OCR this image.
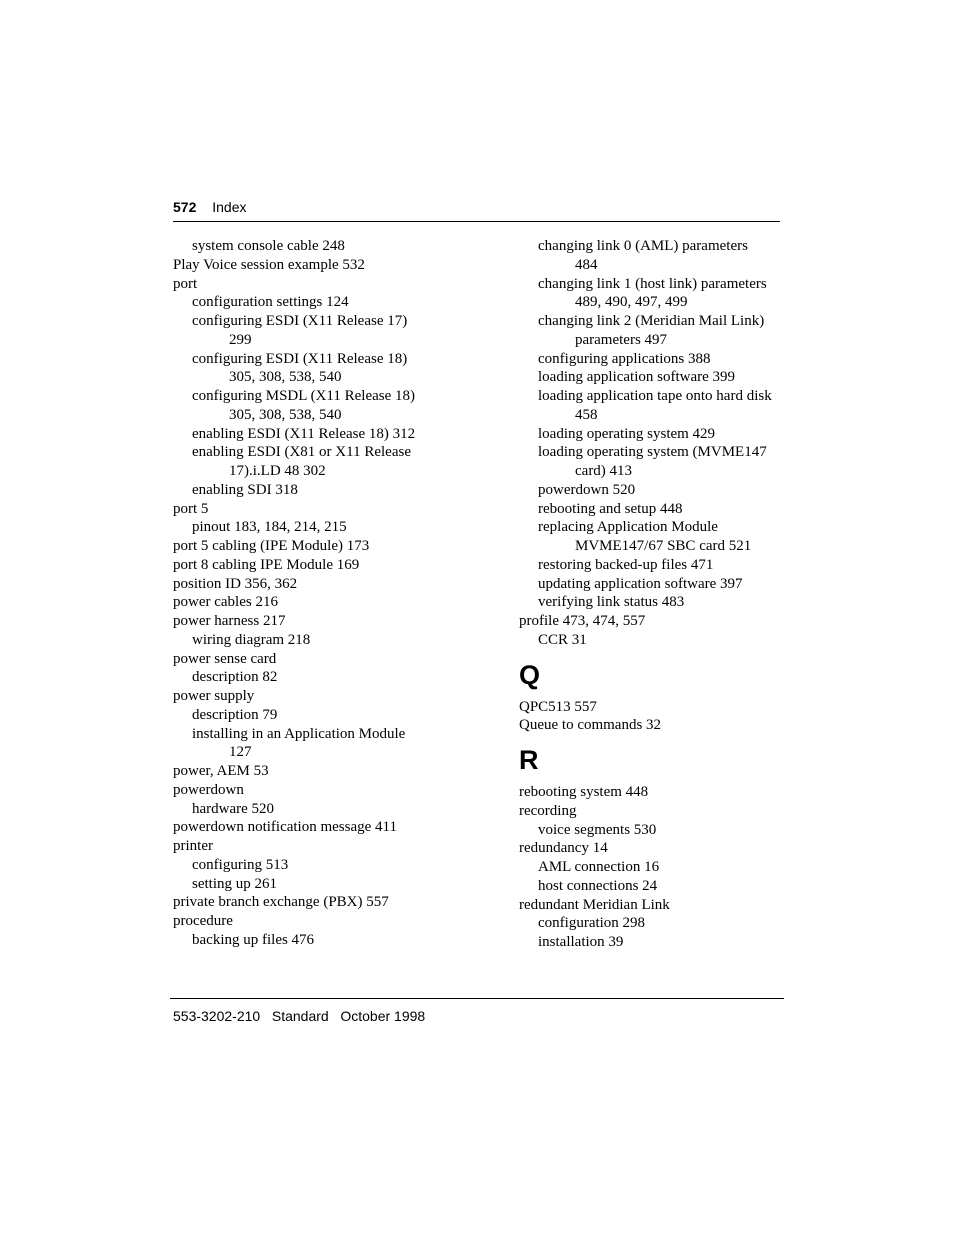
572 Index
system console cable 248
Play Voice session example 532
port
configuration settings 124
configuring ESDI (X11 Release 17)
299
configuring ESDI (X11 Release 18)
305, 308, 538, 540
configuring MSDL (X11 Release 18)
305, 308, 538, 540
enabling ESDI (X11 Release 18) 312
enabling ESDI (X81 or X11 Release
17).i.LD 48 302
enabling SDI 318
port 5
pinout 183, 184, 214, 215
port 5 cabling (IPE Module) 173
port 8 cabling IPE Module 169
position ID 356, 362
power cables 216
power harness 217
wiring diagram 218
power sense card
description 82
power supply
description 79
installing in an Application Module
127
power, AEM 53
powerdown
hardware 520
powerdown notification message 411
printer
configuring 513
setting up 261
private branch exchange (PBX) 557
procedure
backing up files 476
changing link 0 (AML) parameters
484
changing link 1 (host link) parameters
489, 490, 497, 499
changing link 2 (Meridian Mail Link)
parameters 497
configuring applications 388
loading application software 399
loading application tape onto hard disk
458
loading operating system 429
loading operating system (MVME147
card) 413
powerdown 520
rebooting and setup 448
replacing Application Module
MVME147/67 SBC card 521
restoring backed-up files 471
updating application software 397
verifying link status 483
profile 473, 474, 557
CCR 31
Q
QPC513 557
Queue to commands 32
R
rebooting system 448
recording
voice segments 530
redundancy 14
AML connection 16
host connections 24
redundant Meridian Link
configuration 298
installation 39
553-3202-210   Standard   October 1998
